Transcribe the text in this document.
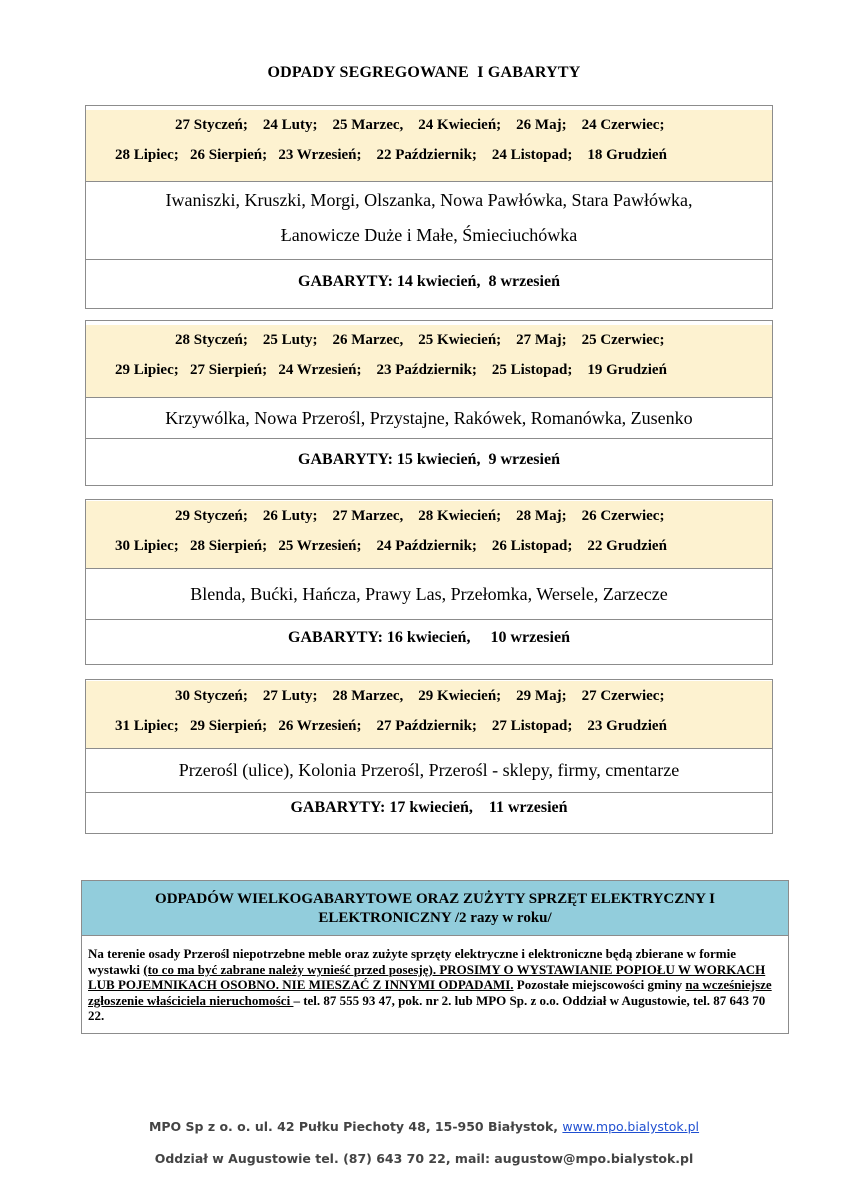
ODPADY SEGREGOWANE  I GABARYTY
27 Styczeń;    24 Luty;    25 Marzec,    24 Kwiecień;    26 Maj;    24 Czerwiec;
28 Lipiec;   26 Sierpień;   23 Wrzesień;    22 Październik;    24 Listopad;    18 Grudzień
Iwaniszki, Kruszki, Morgi, Olszanka, Nowa Pawłówka, Stara Pawłówka,
Łanowicze Duże i Małe, Śmieciuchówka
GABARYTY: 14 kwiecień,  8 wrzesień
28 Styczeń;    25 Luty;    26 Marzec,    25 Kwiecień;    27 Maj;    25 Czerwiec;
29 Lipiec;   27 Sierpień;   24 Wrzesień;    23 Październik;    25 Listopad;    19 Grudzień
Krzywólka, Nowa Przerośl, Przystajne, Raków​ek, Romanówka, Zusenko
GABARYTY: 15 kwiecień,  9 wrzesień
29 Styczeń;    26 Luty;    27 Marzec,    28 Kwiecień;    28 Maj;    26 Czerwiec;
30 Lipiec;   28 Sierpień;   25 Wrzesień;    24 Październik;    26 Listopad;    22 Grudzień
Blenda, Bućki, Hańcza, Prawy Las, Przełomka, Wersele, Zarzecze
GABARYTY: 16 kwiecień,     10 wrzesień
30 Styczeń;    27 Luty;    28 Marzec,    29 Kwiecień;    29 Maj;    27 Czerwiec;
31 Lipiec;   29 Sierpień;   26 Wrzesień;    27 Październik;    27 Listopad;    23 Grudzień
Przerośl (ulice), Kolonia Przerośl, Przerośl - sklepy, firmy, cmentarze
GABARYTY: 17 kwiecień,    11 wrzesień
ODPADÓW WIELKOGABARYTOWE ORAZ ZUŻYTY SPRZĘT ELEKTRYCZNY I ELEKTRONICZNY /2 razy w roku/
Na terenie osady Przerośl niepotrzebne meble oraz zużyte sprzęty elektryczne i elektroniczne będą zbierane w formie wystawki (to co ma być zabrane należy wynieść przed posesję). PROSIMY O WYSTAWIANIE POPIOŁU W WORKACH LUB POJEMNIKACH OSOBNO. NIE MIESZAĆ Z INNYMI ODPADAMI. Pozostałe miejscowości gminy na wcześniejsze zgłoszenie właściciela nieruchomości – tel. 87 555 93 47, pok. nr 2. lub MPO Sp. z o.o. Oddział w Augustowie, tel. 87 643 70 22.
MPO Sp z o. o. ul. 42 Pułku Piechoty 48, 15-950 Białystok, www.mpo.bialystok.pl
Oddział w Augustowie tel. (87) 643 70 22, mail: augustow@mpo.bialystok.pl
